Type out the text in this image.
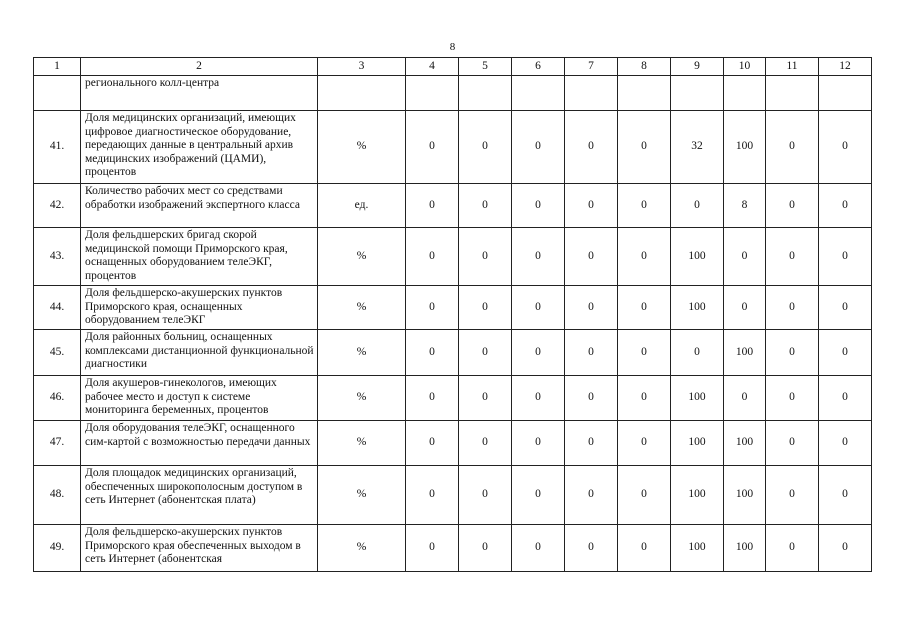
8
1	2	3	4	5	6	7	8	9	10	11	12
	регионального колл-центра										
41.	Доля медицинских организаций, имеющих цифровое диагностическое оборудование, передающих данные в центральный архив медицинских изображений (ЦАМИ), процентов	%	0	0	0	0	0	32	100	0	0
42.	Количество рабочих мест со средствами обработки изображений экспертного класса	ед.	0	0	0	0	0	0	8	0	0
43.	Доля фельдшерских бригад скорой медицинской помощи Приморского края, оснащенных оборудованием телеЭКГ, процентов	%	0	0	0	0	0	100	0	0	0
44.	Доля фельдшерско-акушерских пунктов Приморского края, оснащенных оборудованием телеЭКГ	%	0	0	0	0	0	100	0	0	0
45.	Доля районных больниц, оснащенных комплексами дистанционной функциональной диагностики	%	0	0	0	0	0	0	100	0	0
46.	Доля акушеров-гинекологов, имеющих рабочее место и доступ к системе мониторинга беременных, процентов	%	0	0	0	0	0	100	0	0	0
47.	Доля оборудования телеЭКГ, оснащенного сим-картой с возможностью передачи данных	%	0	0	0	0	0	100	100	0	0
48.	Доля площадок медицинских организаций, обеспеченных широкополосным доступом в сеть Интернет (абонентская плата)	%	0	0	0	0	0	100	100	0	0
49.	Доля фельдшерско-акушерских пунктов Приморского края обеспеченных выходом в сеть Интернет (абонентская	%	0	0	0	0	0	100	100	0	0
